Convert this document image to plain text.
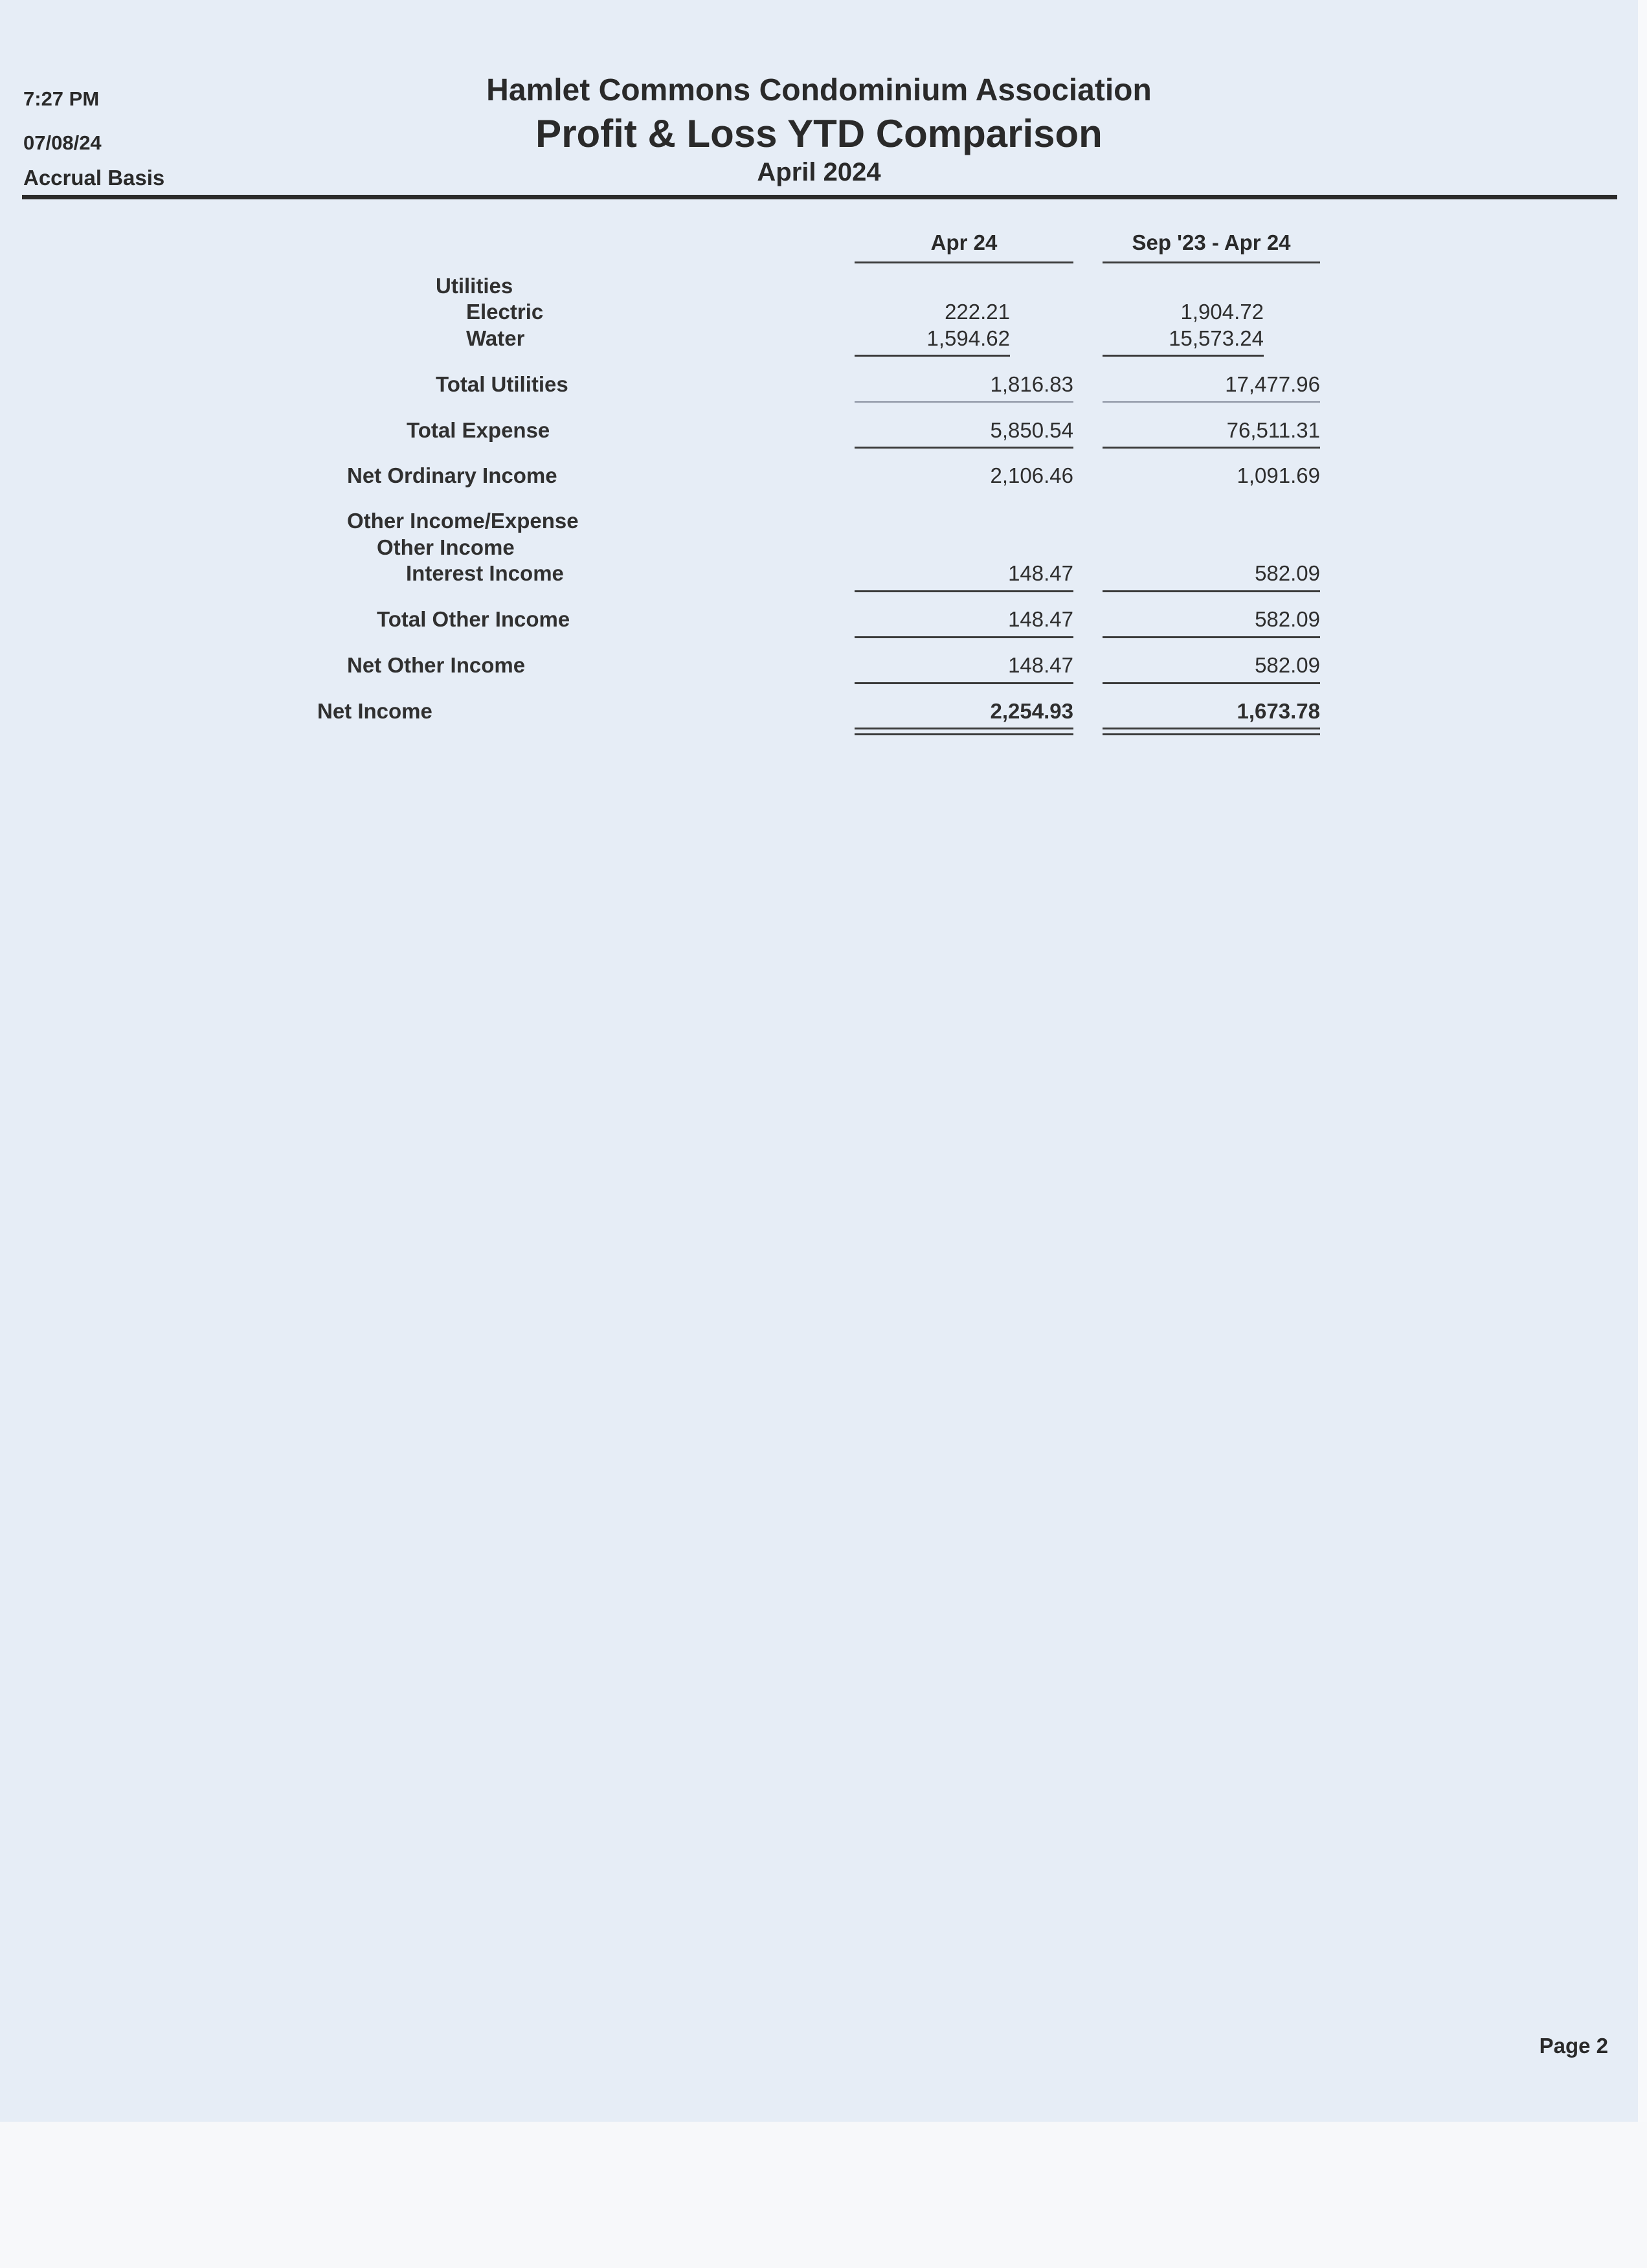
7:27 PM
07/08/24
Accrual Basis
Hamlet Commons Condominium Association
Profit & Loss YTD Comparison
April 2024
Apr 24	Sep '23 - Apr 24
Utilities
Electric	222.21	1,904.72
Water	1,594.62	15,573.24
Total Utilities	1,816.83	17,477.96
Total Expense	5,850.54	76,511.31
Net Ordinary Income	2,106.46	1,091.69
Other Income/Expense
Other Income
Interest Income	148.47	582.09
Total Other Income	148.47	582.09
Net Other Income	148.47	582.09
Net Income	2,254.93	1,673.78
Page 2
